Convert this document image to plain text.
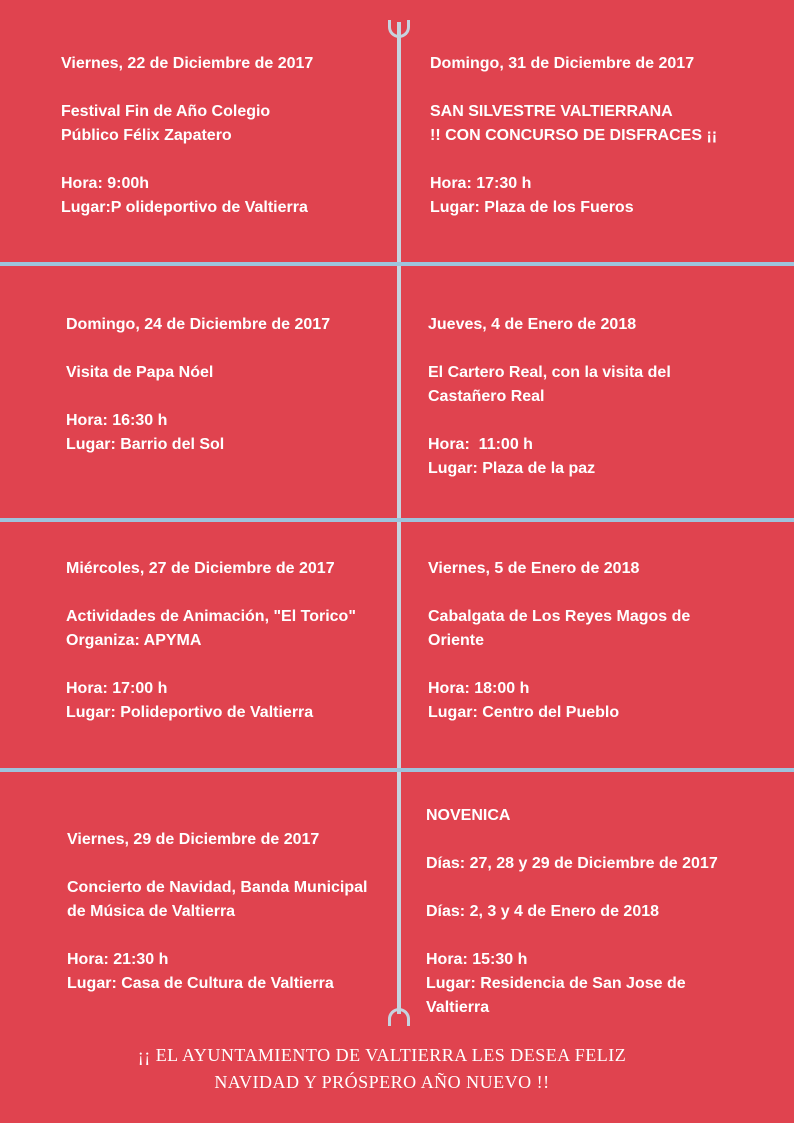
Viernes, 22 de Diciembre de 2017

Festival Fin de Año Colegio

Público Félix Zapatero

Hora: 9:00h

Lugar:P olideportivo de Valtierra

Domingo, 31 de Diciembre de 2017

SAN SILVESTRE VALTIERRANA

!! CON CONCURSO DE DISFRACES ¡¡

Hora: 17:30 h

Lugar: Plaza de los Fueros

Domingo, 24 de Diciembre de 2017

Visita de Papa Nóel

Hora: 16:30 h

Lugar: Barrio del Sol

Jueves, 4 de Enero de 2018

El Cartero Real, con la visita del

Castañero Real

Hora:  11:00 h

Lugar: Plaza de la paz

Miércoles, 27 de Diciembre de 2017

Actividades de Animación, "El Torico"

Organiza: APYMA

Hora: 17:00 h

Lugar: Polideportivo de Valtierra

Viernes, 5 de Enero de 2018

Cabalgata de Los Reyes Magos de

Oriente

Hora: 18:00 h

Lugar: Centro del Pueblo

Viernes, 29 de Diciembre de 2017

Concierto de Navidad, Banda Municipal

de Música de Valtierra

Hora: 21:30 h

Lugar: Casa de Cultura de Valtierra

NOVENICA

Días: 27, 28 y 29 de Diciembre de 2017

Días: 2, 3 y 4 de Enero de 2018

Hora: 15:30 h

Lugar: Residencia de San Jose de

Valtierra

¡¡ EL AYUNTAMIENTO DE VALTIERRA LES DESEA FELIZ
NAVIDAD Y PRÓSPERO AÑO NUEVO !!
